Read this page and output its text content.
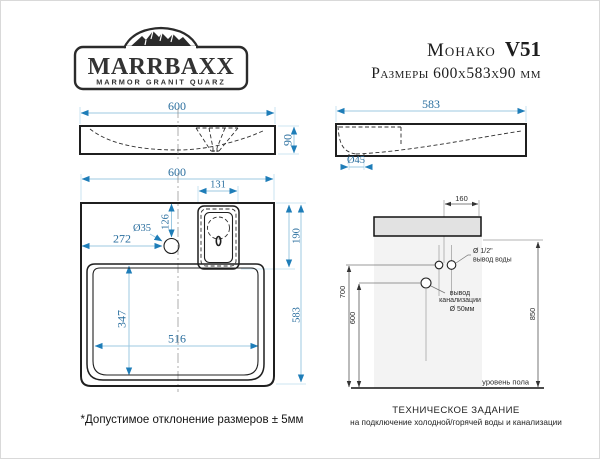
MARRBAXX
MARMOR GRANIT QUARZ
Монако V51
Размеры 600х583х90 мм
600
90
583
Ø45
600
131
126
Ø35
272	190
583
347
516
160
850
700
600
Ø 1/2"
вывод воды
вывод
канализации
Ø 50мм
уровень пола
*Допустимое отклонение размеров ± 5мм
ТЕХНИЧЕСКОЕ ЗАДАНИЕ
на подключение холодной/горячей воды и канализации
